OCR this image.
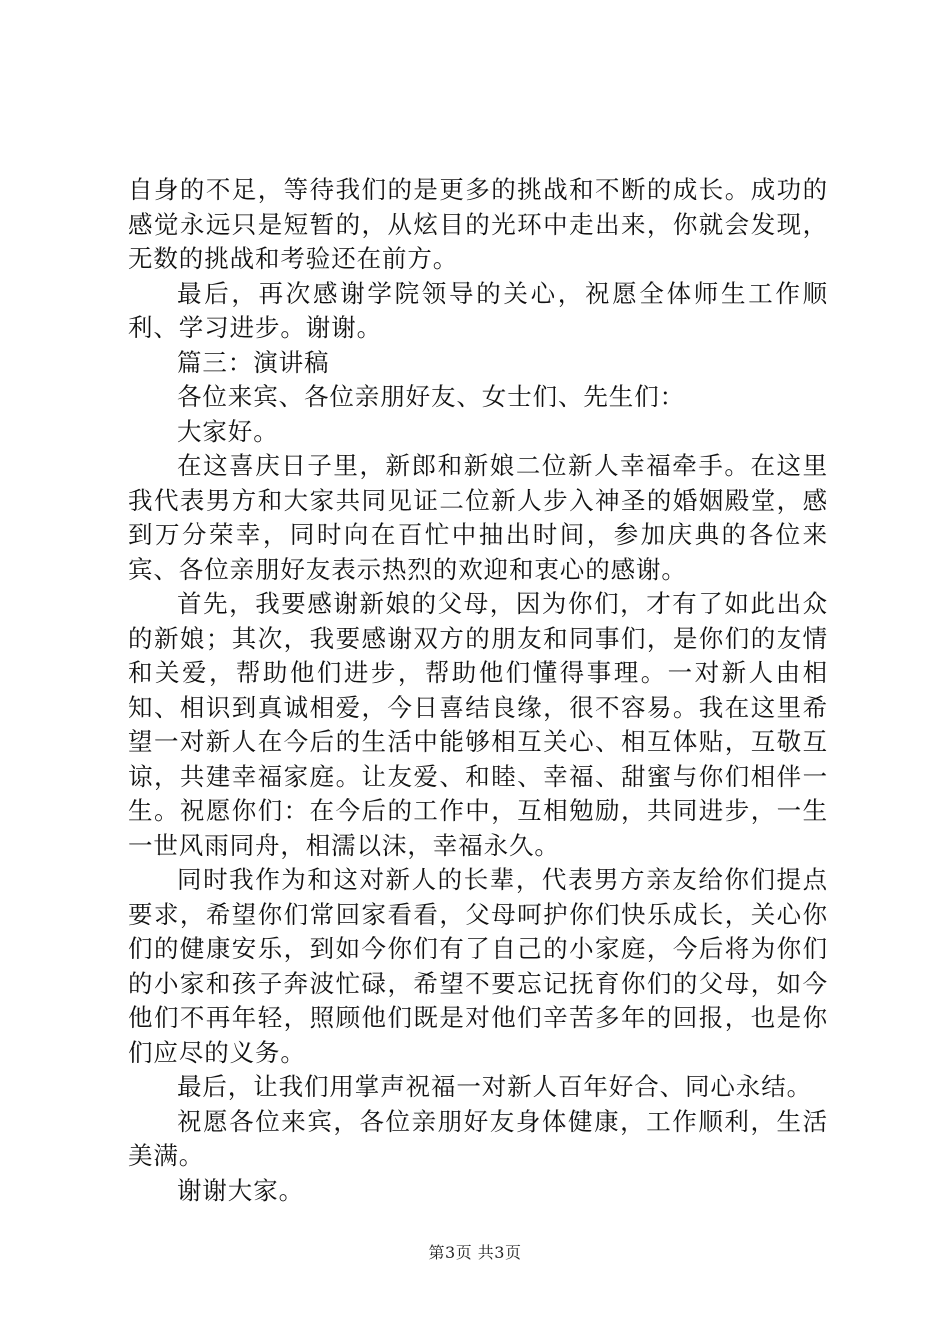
自身的不足，等待我们的是更多的挑战和不断的成长。成功的感觉永远只是短暂的，从炫目的光环中走出来，你就会发现，无数的挑战和考验还在前方。

最后，再次感谢学院领导的关心，祝愿全体师生工作顺利、学习进步。谢谢。

篇三：演讲稿

各位来宾、各位亲朋好友、女士们、先生们：

大家好。

在这喜庆日子里，新郎和新娘二位新人幸福牵手。在这里我代表男方和大家共同见证二位新人步入神圣的婚姻殿堂，感到万分荣幸，同时向在百忙中抽出时间，参加庆典的各位来宾、各位亲朋好友表示热烈的欢迎和衷心的感谢。

首先，我要感谢新娘的父母，因为你们，才有了如此出众的新娘；其次，我要感谢双方的朋友和同事们，是你们的友情和关爱，帮助他们进步，帮助他们懂得事理。一对新人由相知、相识到真诚相爱，今日喜结良缘，很不容易。我在这里希望一对新人在今后的生活中能够相互关心、相互体贴，互敬互谅，共建幸福家庭。让友爱、和睦、幸福、甜蜜与你们相伴一生。祝愿你们：在今后的工作中，互相勉励，共同进步，一生一世风雨同舟，相濡以沫，幸福永久。

同时我作为和这对新人的长辈，代表男方亲友给你们提点要求，希望你们常回家看看，父母呵护你们快乐成长，关心你们的健康安乐，到如今你们有了自己的小家庭，今后将为你们的小家和孩子奔波忙碌，希望不要忘记抚育你们的父母，如今他们不再年轻，照顾他们既是对他们辛苦多年的回报，也是你们应尽的义务。

最后，让我们用掌声祝福一对新人百年好合、同心永结。

祝愿各位来宾，各位亲朋好友身体健康，工作顺利，生活美满。

谢谢大家。

第3页 共3页
